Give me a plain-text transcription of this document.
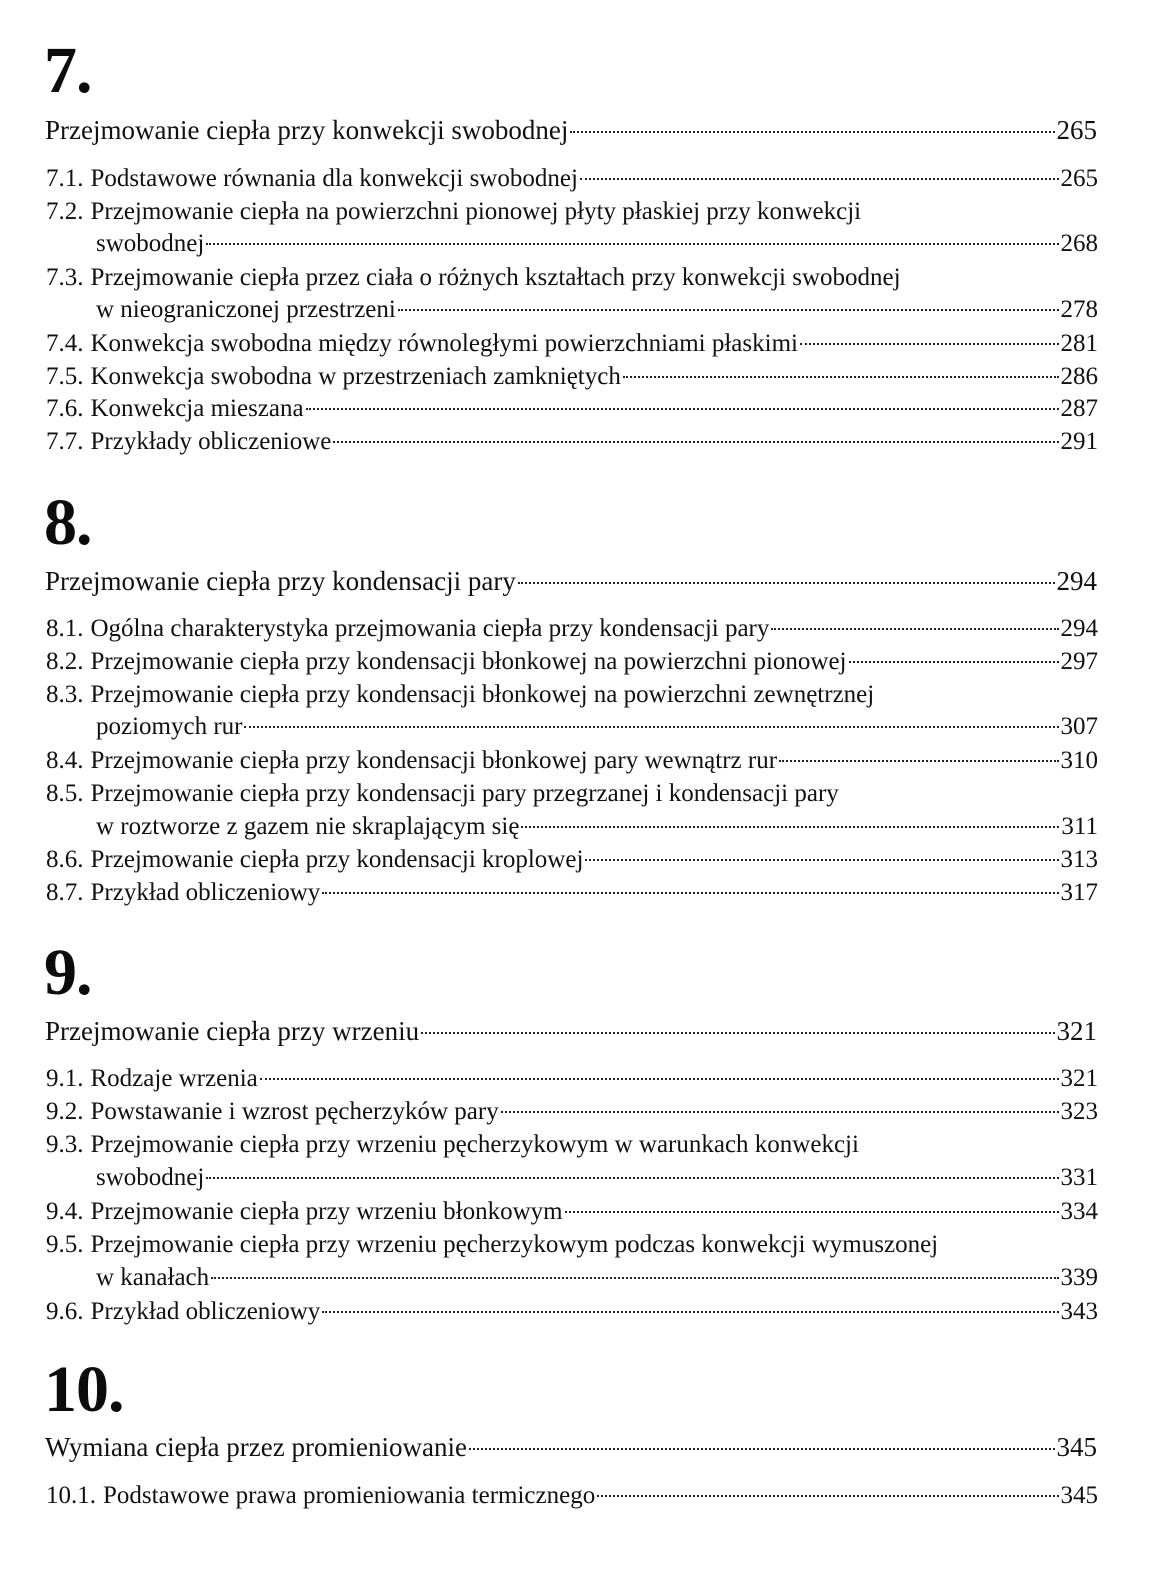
7.
Przejmowanie ciepła przy konwekcji swobodnej	265
7.1. Podstawowe równania dla konwekcji swobodnej	265
7.2. Przejmowanie ciepła na powierzchni pionowej płyty płaskiej przy konwekcji
swobodnej	268
7.3. Przejmowanie ciepła przez ciała o różnych kształtach przy konwekcji swobodnej
w nieograniczonej przestrzeni	278
7.4. Konwekcja swobodna między równoległymi powierzchniami płaskimi	281
7.5. Konwekcja swobodna w przestrzeniach zamkniętych	286
7.6. Konwekcja mieszana	287
7.7. Przykłady obliczeniowe	291
8.
Przejmowanie ciepła przy kondensacji pary	294
8.1. Ogólna charakterystyka przejmowania ciepła przy kondensacji pary	294
8.2. Przejmowanie ciepła przy kondensacji błonkowej na powierzchni pionowej	297
8.3. Przejmowanie ciepła przy kondensacji błonkowej na powierzchni zewnętrznej
poziomych rur	307
8.4. Przejmowanie ciepła przy kondensacji błonkowej pary wewnątrz rur	310
8.5. Przejmowanie ciepła przy kondensacji pary przegrzanej i kondensacji pary
w roztworze z gazem nie skraplającym się	311
8.6. Przejmowanie ciepła przy kondensacji kroplowej	313
8.7. Przykład obliczeniowy	317
9.
Przejmowanie ciepła przy wrzeniu	321
9.1. Rodzaje wrzenia	321
9.2. Powstawanie i wzrost pęcherzyków pary	323
9.3. Przejmowanie ciepła przy wrzeniu pęcherzykowym w warunkach konwekcji
swobodnej	331
9.4. Przejmowanie ciepła przy wrzeniu błonkowym	334
9.5. Przejmowanie ciepła przy wrzeniu pęcherzykowym podczas konwekcji wymuszonej
w kanałach	339
9.6. Przykład obliczeniowy	343
10.
Wymiana ciepła przez promieniowanie	345
10.1. Podstawowe prawa promieniowania termicznego	345
